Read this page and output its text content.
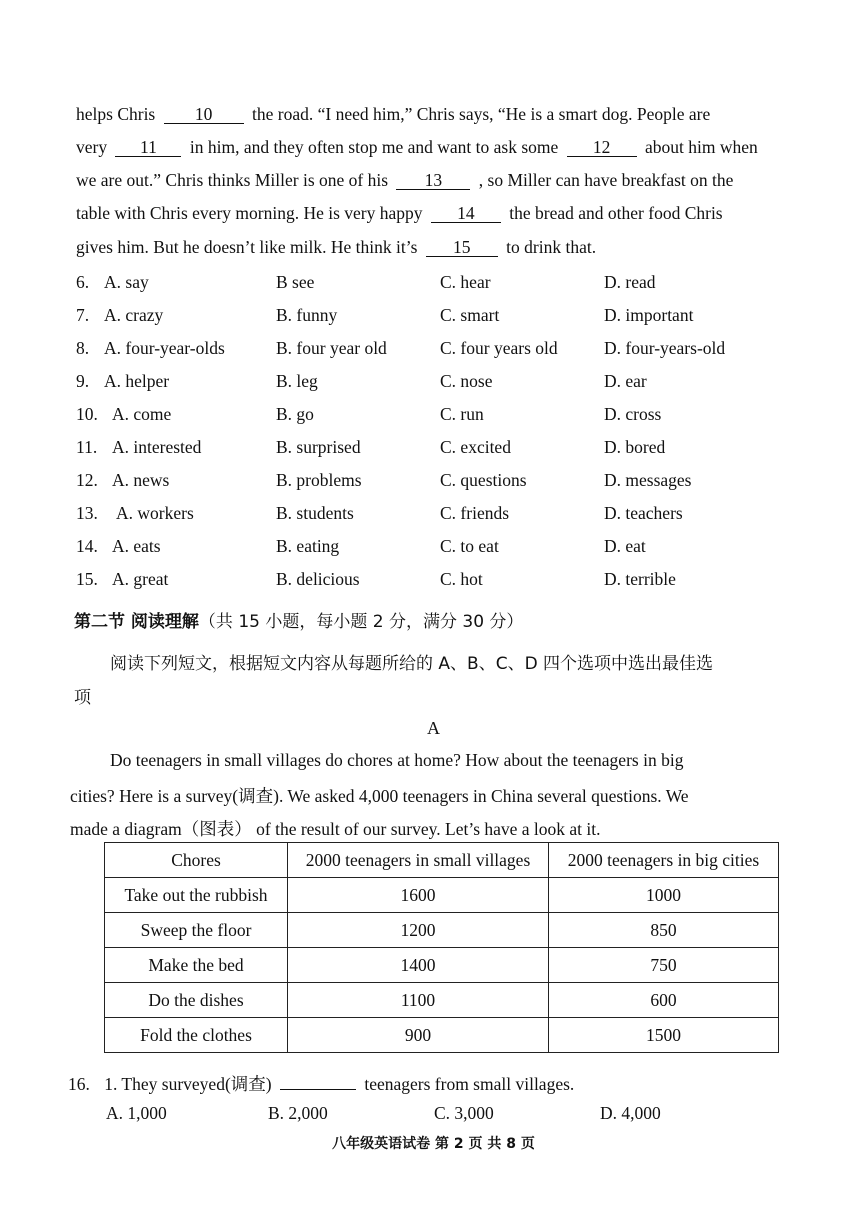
helps Chris 10 the road. “I need him,” Chris says, “He is a smart dog. People are
very 11 in him, and they often stop me and want to ask some 12 about him when
we are out.” Chris thinks Miller is one of his 13 , so Miller can have breakfast on the
table with Chris every morning. He is very happy 14 the bread and other food Chris
gives him. But he doesn’t like milk. He think it’s 15 to drink that.
6. A. say	B see	C. hear	D. read
7. A. crazy	B. funny	C. smart	D. important
8. A. four-year-olds	B. four year old	C. four years old	D. four-years-old
9. A. helper	B. leg	C. nose	D. ear
10. A. come	B. go	C. run	D. cross
11. A. interested	B. surprised	C. excited	D. bored
12. A. news	B. problems	C. questions	D. messages
13. A. workers	B. students	C. friends	D. teachers
14. A. eats	B. eating	C. to eat	D. eat
15. A. great	B. delicious	C. hot	D. terrible
第二节 阅读理解（共 15 小题，每小题 2 分，满分 30 分）
阅读下列短文，根据短文内容从每题所给的 A、B、C、D 四个选项中选出最佳选
项
A
Do teenagers in small villages do chores at home? How about the teenagers in big
cities? Here is a survey(调查). We asked 4,000 teenagers in China several questions. We
made a diagram（图表） of the result of our survey. Let’s have a look at it.
Chores	2000 teenagers in small villages	2000 teenagers in big cities
Take out the rubbish	1600	1000
Sweep the floor	1200	850
Make the bed	1400	750
Do the dishes	1100	600
Fold the clothes	900	1500
16. 1. They surveyed(调查)	teenagers from small villages.
A. 1,000	B. 2,000	C. 3,000	D. 4,000
八年级英语试卷 第 2 页 共 8 页
